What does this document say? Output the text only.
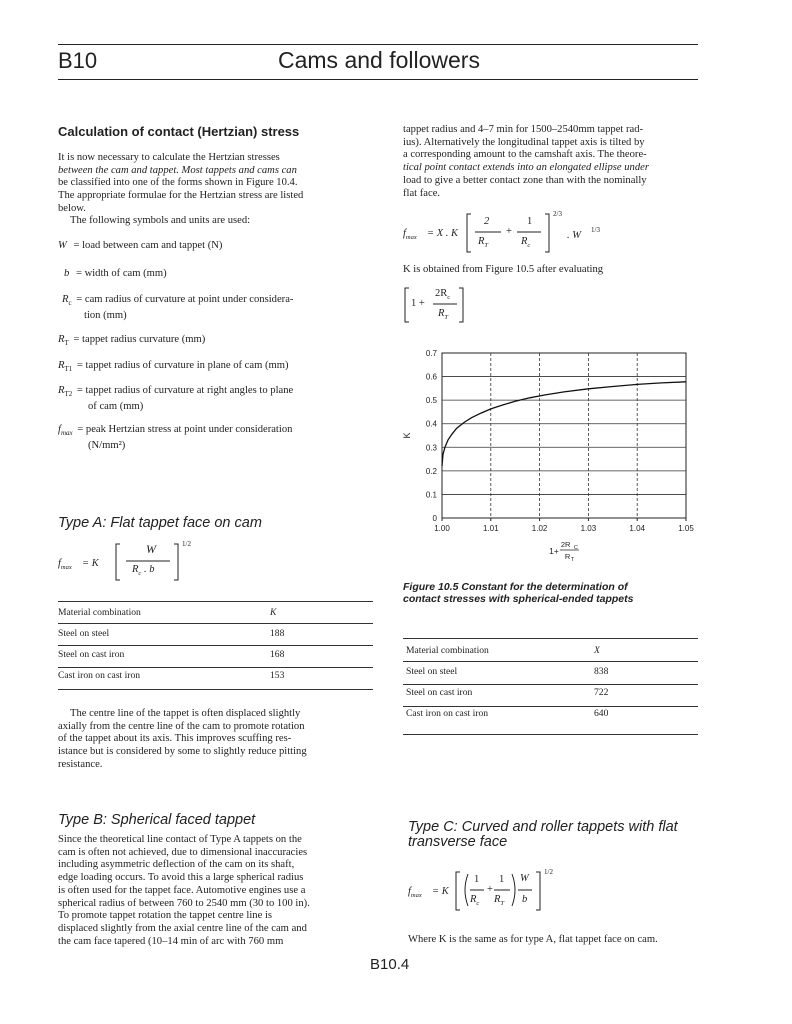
B10	Cams and followers
Calculation of contact (Hertzian) stress
It is now necessary to calculate the Hertzian stresses
between the cam and tappet. Most tappets and cams can
be classified into one of the forms shown in Figure 10.4.
The appropriate formulae for the Hertzian stress are listed
below.
The following symbols and units are used:
W = load between cam and tappet (N)
b = width of cam (mm)
$R_c$ = cam radius of curvature at point under considera-
tion (mm)
$R_T$ = tappet radius curvature (mm)
$R_{T1}$ = tappet radius of curvature in plane of cam (mm)
$R_{T2}$ = tappet radius of curvature at right angles to plane
of cam (mm)
$f_{max}$ = peak Hertzian stress at point under consideration
(N/mm²)
Type A: Flat tappet face on cam
$f_{max} = K$
W
$R_c$ . b
1/2
Material combination	K
Steel on steel	188
Steel on cast iron	168
Cast iron on cast iron	153
The centre line of the tappet is often displaced slightly
axially from the centre line of the cam to promote rotation
of the tappet about its axis. This improves scuffing res-
istance but is considered by some to slightly reduce pitting
resistance.
Type B: Spherical faced tappet
Since the theoretical line contact of Type A tappets on the
cam is often not achieved, due to dimensional inaccuracies
including asymmetric deflection of the cam on its shaft,
edge loading occurs. To avoid this a large spherical radius
is often used for the tappet face. Automotive engines use a
spherical radius of between 760 to 2540 mm (30 to 100 in).
To promote tappet rotation the tappet centre line is
displaced slightly from the axial centre line of the cam and
the cam face tapered (10–14 min of arc with 760 mm
tappet radius and 4–7 min for 1500–2540mm tappet rad-
ius). Alternatively the longitudinal tappet axis is tilted by
a corresponding amount to the camshaft axis. The theore-
tical point contact extends into an elongated ellipse under
load to give a better contact zone than with the nominally
flat face.
$f_{max} = X$ . K
2
$R_T$
+
1
$R_c$
2/3
. W 1/3
K is obtained from Figure 10.5 after evaluating
1 +
$2R_c$
$R_T$
0
0.1
0.2
0.3
0.4
0.5
0.6
0.7
1.00	1.01	1.02	1.03	1.04	1.05
K
1+
2R C
R T
Figure 10.5 Constant for the determination of
contact stresses with spherical-ended tappets
Material combination	X
Steel on steel	838
Steel on cast iron	722
Cast iron on cast iron	640
Type C: Curved and roller tappets with flat
transverse face
$f_{max} = K$
1
$R_c$
+
1
$R_T$
W
b
1/2
Where K is the same as for type A, flat tappet face on cam.
B10.4
